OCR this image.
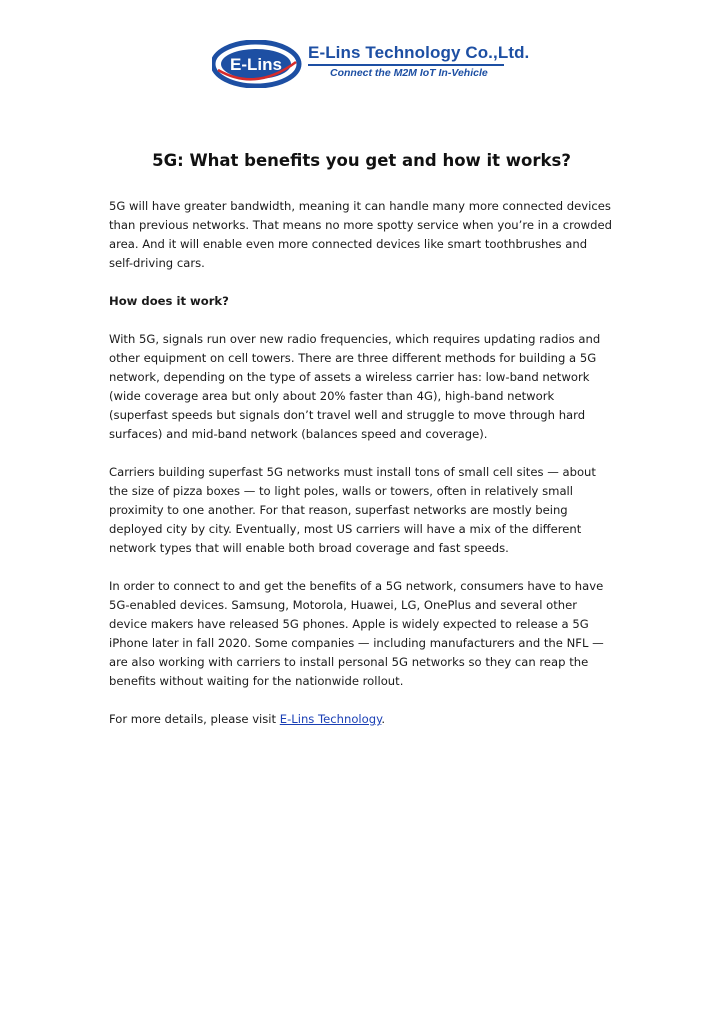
E-Lins
E-Lins Technology Co.,Ltd.
Connect the M2M IoT In-Vehicle
5G: What benefits you get and how it works?

5G will have greater bandwidth, meaning it can handle many more connected devices than previous networks. That means no more spotty service when you’re in a crowded area. And it will enable even more connected devices like smart toothbrushes and self-driving cars.

How does it work?

With 5G, signals run over new radio frequencies, which requires updating radios and other equipment on cell towers. There are three different methods for building a 5G network, depending on the type of assets a wireless carrier has: low-band network (wide coverage area but only about 20% faster than 4G), high-band network (superfast speeds but signals don’t travel well and struggle to move through hard surfaces) and mid-band network (balances speed and coverage).

Carriers building superfast 5G networks must install tons of small cell sites — about the size of pizza boxes — to light poles, walls or towers, often in relatively small proximity to one another. For that reason, superfast networks are mostly being deployed city by city. Eventually, most US carriers will have a mix of the different network types that will enable both broad coverage and fast speeds.

In order to connect to and get the benefits of a 5G network, consumers have to have 5G-enabled devices. Samsung, Motorola, Huawei, LG, OnePlus and several other device makers have released 5G phones. Apple is widely expected to release a 5G iPhone later in fall 2020. Some companies — including manufacturers and the NFL — are also working with carriers to install personal 5G networks so they can reap the benefits without waiting for the nationwide rollout.

For more details, please visit E-Lins Technology.
